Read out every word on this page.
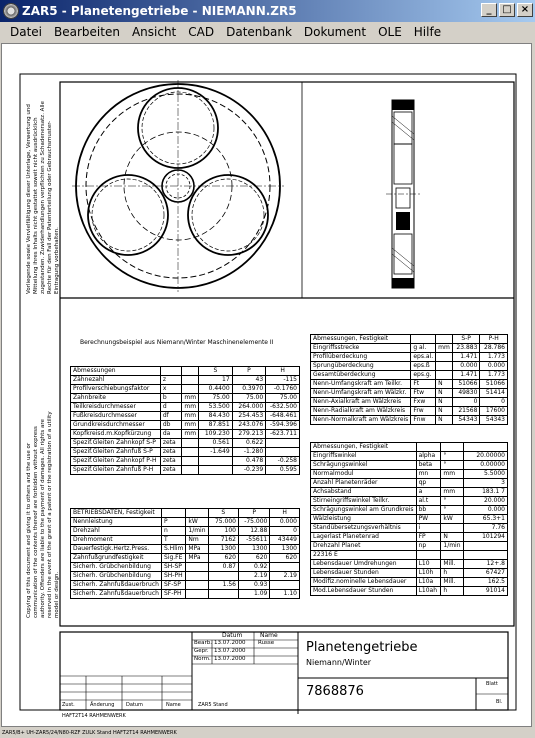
ZAR5 - Planetengetriebe - NIEMANN.ZR5	_	□ ×
Datei	Bearbeiten	Ansicht	CAD	Datenbank	Dokument	OLE	Hilfe
Vorliegende sowie Vervielfältigung dieser Unterlage, Verwertung und Mitteilung ihres Inhalts nicht gestattet soweit nicht ausdrücklich zugestanden. Zuwiderhandlungen verpflichten zu Schadenersatz. Alle Rechte für den Fall der Patenterteilung oder Gebrauchsmuster-Eintragung vorbehalten.
Copying of this document and giving it to others and the use or communication of the contents thereof are forbidden without express authority. Offenders are liable to the payment of damages. All rights are reserved in the event of the grant of a patent or the registration of a utility model or design.
Berechnungsbeispiel aus Niemann/Winter Maschinenelemente II
Abmessungen			S	P	H
Zähnezahl	z		17	43	-115
Profilverschiebungsfaktor	x		0.4400	0.3970	-0.1760
Zahnbreite	b	mm	75.00	75.00	75.00
Teilkreisdurchmesser	d	mm	53.500	264.000	-632.500
Fußkreisdurchmesser	df	mm	84.430	254.453	-648.461
Grundkreisdurchmesser	db	mm	87.851	243.076	-594.396
Kopfkreisd.m.Kopfkürzung	da	mm	109.230	279.213	-623.711
Spezif.Gleiten Zahnkopf S-P	zeta		0.561	0.622	
Spezif.Gleiten Zahnfuß S-P	zeta		-1.649	-1.280	
Spezif.Gleiten Zahnkopf P-H	zeta			0.478	-0.258
Spezif.Gleiten Zahnfuß P-H	zeta			-0.239	0.595
Abmessungen, Festigkeit			S-P	P-H
Eingriffsstrecke	g al.	mm	23.883	28.786
Profilüberdeckung	eps.al.		1.471	1.773
Sprungüberdeckung	eps.ß		0.000	0.000
Gesamtüberdeckung	eps.g.		1.471	1.773
Nenn-Umfangskraft am Teilkr.	Ft	N	51066	51066
Nenn-Umfangskraft am Wälzkr.	Ftw	N	49830	51414
Nenn-Axialkraft am Wälzkreis	Fxw	N	0	0
Nenn-Radialkraft am Wälzkreis	Frw	N	21568	17600
Nenn-Normalkraft am Wälzkreis	Fnw	N	54343	54343
Abmessungen, Festigkeit			
Eingriffswinkel	alpha	°	20.00000
Schrägungswinkel	beta	°	0.00000
Normalmodul	mn	mm	5.5000
Anzahl Planetenräder	qp		3
Achsabstand	a	mm	183.1 7
Stirneingriffswinkel Teilkr.	al.t	°	20.000
Schrägungswinkel am Grundkreis	bb	°	0.000
Wälzleistung	PW	kW	65.3+1
Standübersetzungsverhältnis	i		7.76
Lagerlast Planetenrad	FP	N	101294
Drehzahl Planet	np	1/min	
22316 E			
Lebensdauer Umdrehungen	L10	Mill.	12+.8
Lebensdauer Stunden	L10h	h	67427
Modifiz.nominelle Lebensdauer	L10a	Mill.	162.5
Mod.Lebensdauer Stunden	L10ah	h	91014
BETRIEBSDATEN, Festigkeit			S	P	H
Nennleistung	P	kW	75.000	-75.000	0.000
Drehzahl	n	1/min	100	12.88	0
Drehmoment	T	Nm	7162	-55611	43449
Dauerfestigk.Hertz.Press.	S.Hlim	MPa	1300	1300	1300
Zahnfußgrundfestigkeit	Sig.FE	MPa	620	620	620
Sicherh. Grübchenbildung	SH-SP		0.87	0.92	
Sicherh. Grübchenbildung	SH-PH			2.19	2.19
Sicherh. Zahnfußdauerbruch	SF-SP		1.56	0.93	
Sicherh. Zahnfußdauerbruch	SF-PH			1.09	1.10
Datum	Name
Bearb. 13.07.2000 Russe
Gepr. 13.07.2000
Norm. 13.07.2000
Planetengetriebe
Niemann/Winter
7868876	Blatt
Bl.
Zust.	Änderung Datum	Name	ZAR5 Stand
HAFT2T14 RAHMENWERK
ZAR5/B+ UH-ZAR5/24/N80-RZF ZULK Stand HAFT2T14 RAHMENWERK
